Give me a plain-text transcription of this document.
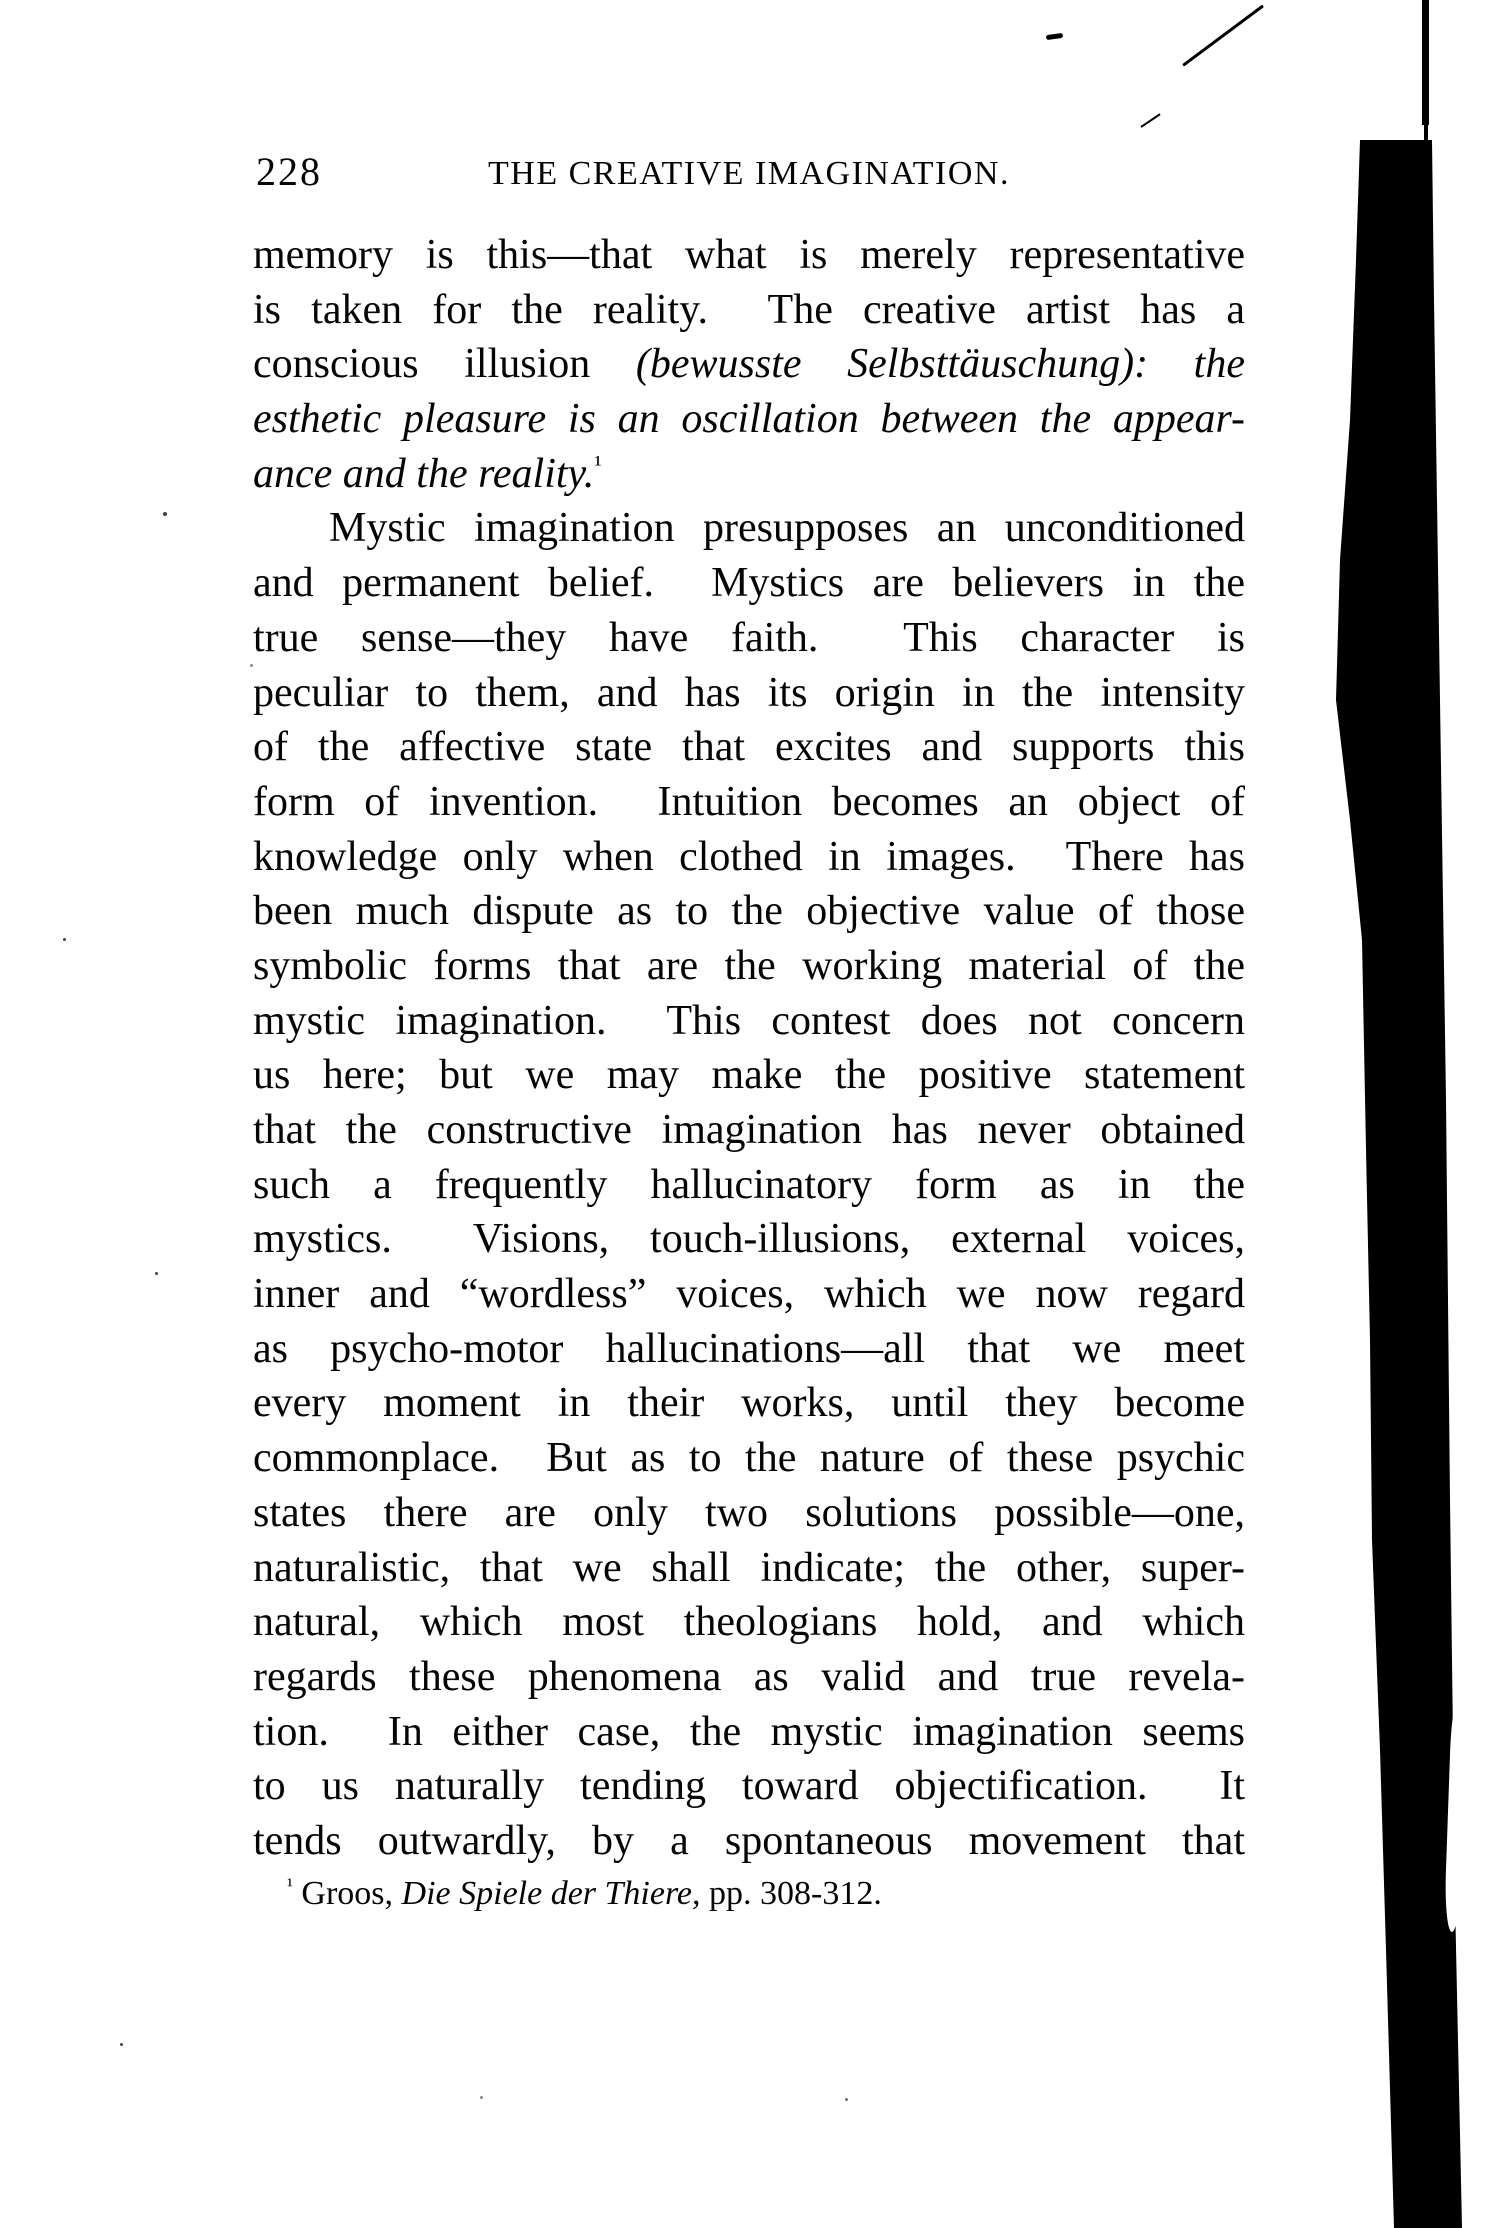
228	THE CREATIVE IMAGINATION.
memory is this—that what is merely representative
is taken for the reality.  The creative artist has a
conscious illusion (bewusste Selbsttäuschung): the
esthetic pleasure is an oscillation between the appear-
ance and the reality.$^{^1}$
Mystic imagination presupposes an unconditioned
and permanent belief.  Mystics are believers in the
true sense—they have faith.  This character is
peculiar to them, and has its origin in the intensity
of the affective state that excites and supports this
form of invention.  Intuition becomes an object of
knowledge only when clothed in images.  There has
been much dispute as to the objective value of those
symbolic forms that are the working material of the
mystic imagination.  This contest does not concern
us here; but we may make the positive statement
that the constructive imagination has never obtained
such a frequently hallucinatory form as in the
mystics.  Visions, touch-illusions, external voices,
inner and “wordless” voices, which we now regard
as psycho-motor hallucinations—all that we meet
every moment in their works, until they become
commonplace.  But as to the nature of these psychic
states there are only two solutions possible—one,
naturalistic, that we shall indicate; the other, super-
natural, which most theologians hold, and which
regards these phenomena as valid and true revela-
tion.  In either case, the mystic imagination seems
to us naturally tending toward objectification.  It
tends outwardly, by a spontaneous movement that
$^{^1}$ Groos, Die Spiele der Thiere, pp. 308-312.
